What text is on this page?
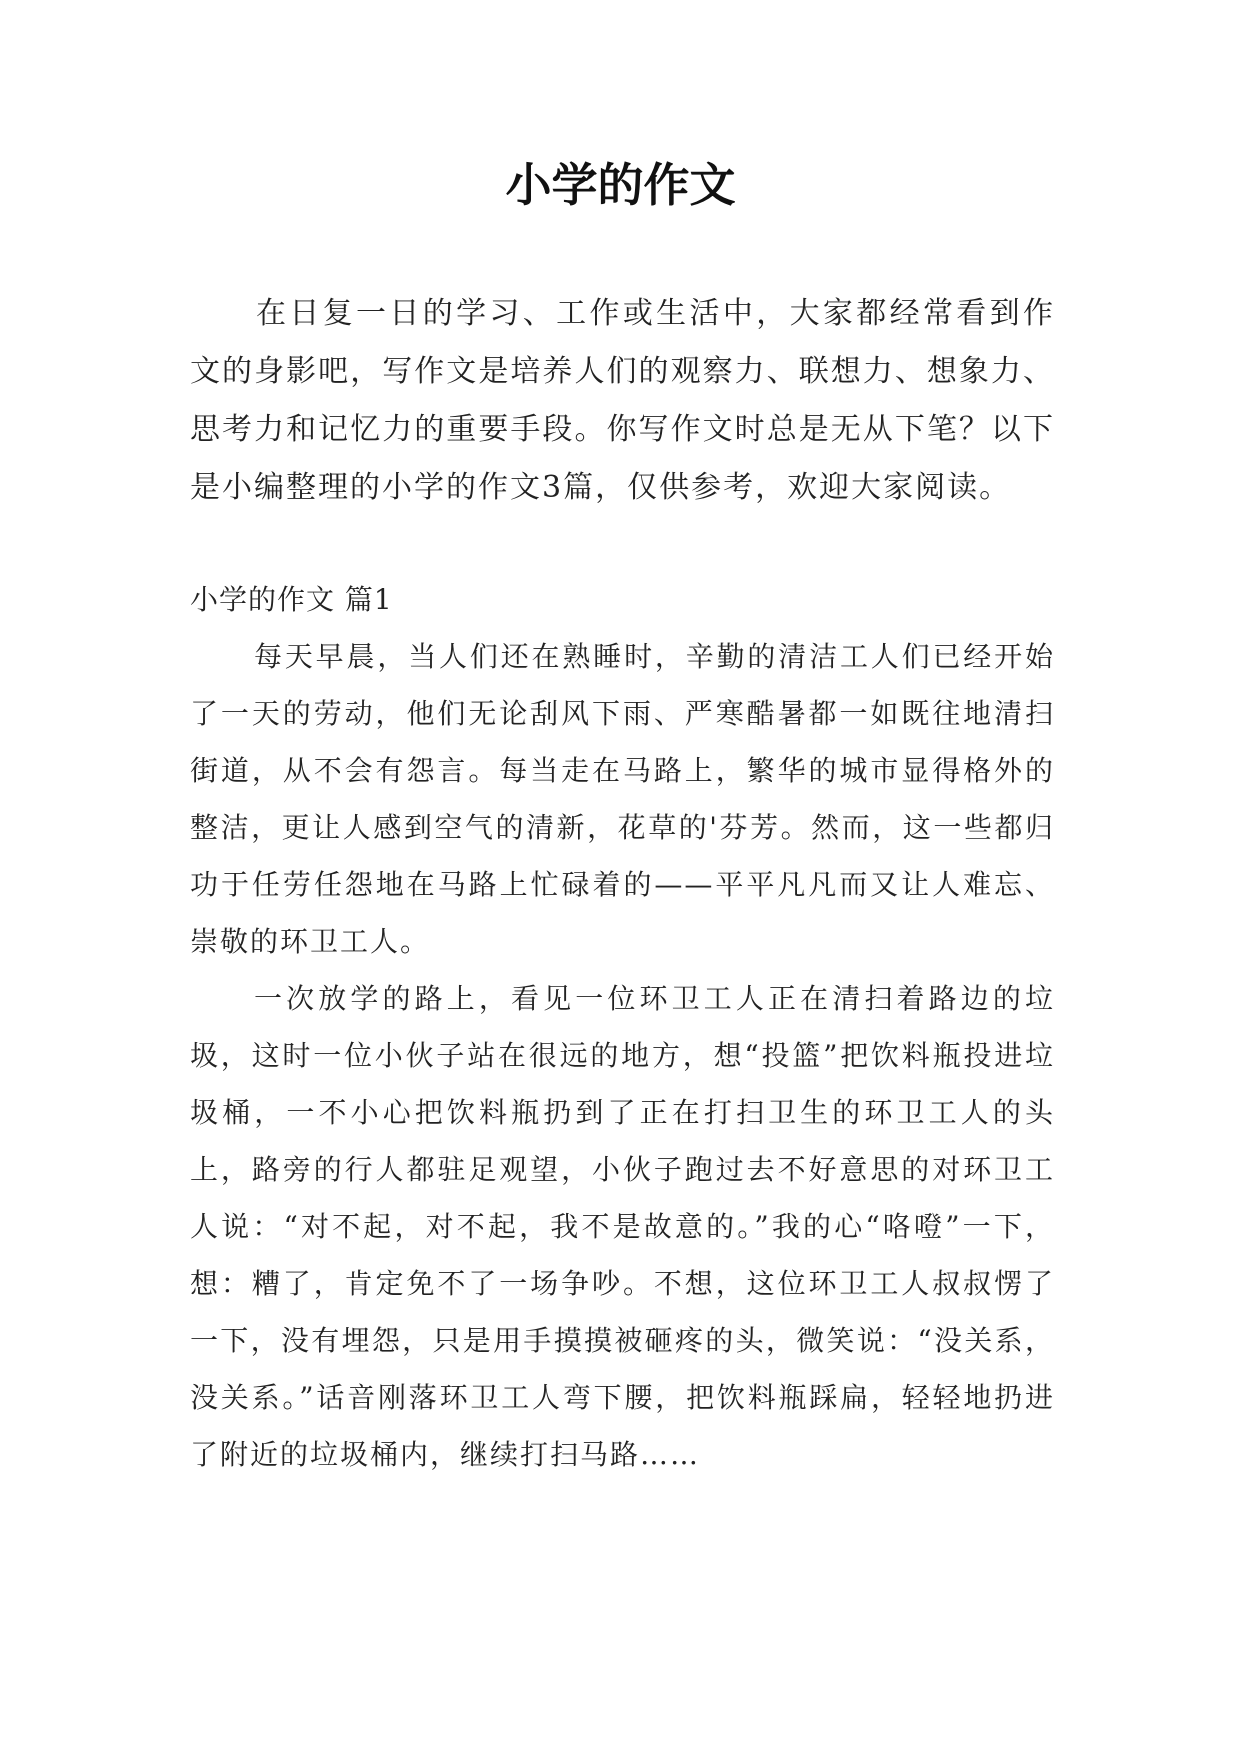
小学的作文

在日复一日的学习、工作或生活中，大家都经常看到作文的身影吧，写作文是培养人们的观察力、联想力、想象力、思考力和记忆力的重要手段。你写作文时总是无从下笔？以下是小编整理的小学的作文3篇，仅供参考，欢迎大家阅读。

小学的作文 篇1

每天早晨，当人们还在熟睡时，辛勤的清洁工人们已经开始了一天的劳动，他们无论刮风下雨、严寒酷暑都一如既往地清扫街道，从不会有怨言。每当走在马路上，繁华的城市显得格外的整洁，更让人感到空气的清新，花草的'芬芳。然而，这一些都归功于任劳任怨地在马路上忙碌着的——平平凡凡而又让人难忘、崇敬的环卫工人。

一次放学的路上，看见一位环卫工人正在清扫着路边的垃圾，这时一位小伙子站在很远的地方，想“投篮”把饮料瓶投进垃圾桶，一不小心把饮料瓶扔到了正在打扫卫生的环卫工人的头上，路旁的行人都驻足观望，小伙子跑过去不好意思的对环卫工人说：“对不起，对不起，我不是故意的。”我的心“咯噔”一下，想：糟了，肯定免不了一场争吵。不想，这位环卫工人叔叔愣了一下，没有埋怨，只是用手摸摸被砸疼的头，微笑说：“没关系，没关系。”话音刚落环卫工人弯下腰，把饮料瓶踩扁，轻轻地扔进了附近的垃圾桶内，继续打扫马路……
